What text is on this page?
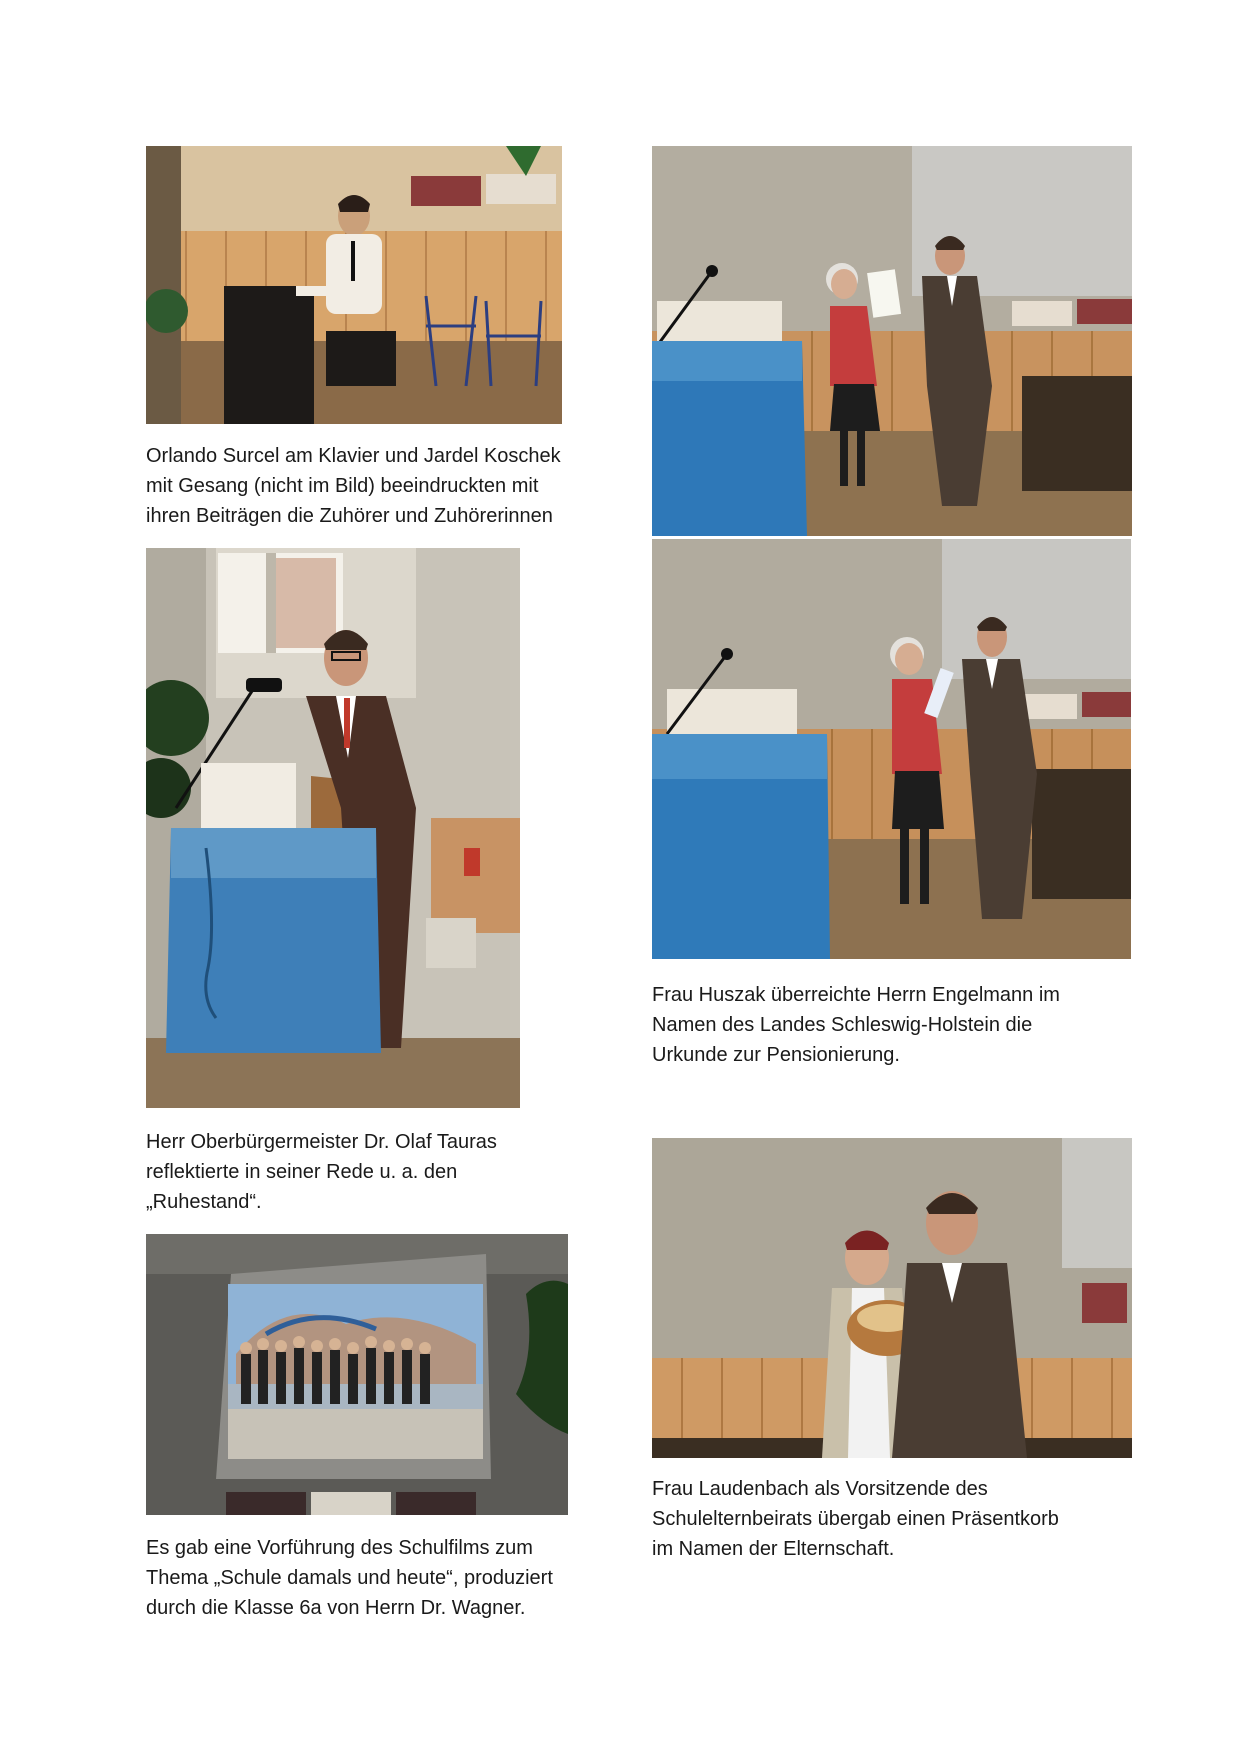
Orlando Surcel am Klavier und Jardel Koschek
mit Gesang (nicht im Bild) beeindruckten mit
ihren Beiträgen die Zuhörer und Zuhörerinnen
Herr Oberbürgermeister Dr. Olaf Tauras
reflektierte in seiner Rede u. a. den
„Ruhestand“.
Es gab eine Vorführung des Schulfilms zum
Thema „Schule damals und heute“, produziert
durch die Klasse 6a von Herrn Dr. Wagner.
Frau Huszak überreichte Herrn Engelmann im
Namen des Landes Schleswig-Holstein die
Urkunde zur Pensionierung.
Frau Laudenbach als Vorsitzende des
Schulelternbeirats übergab einen Präsentkorb
im Namen der Elternschaft.
